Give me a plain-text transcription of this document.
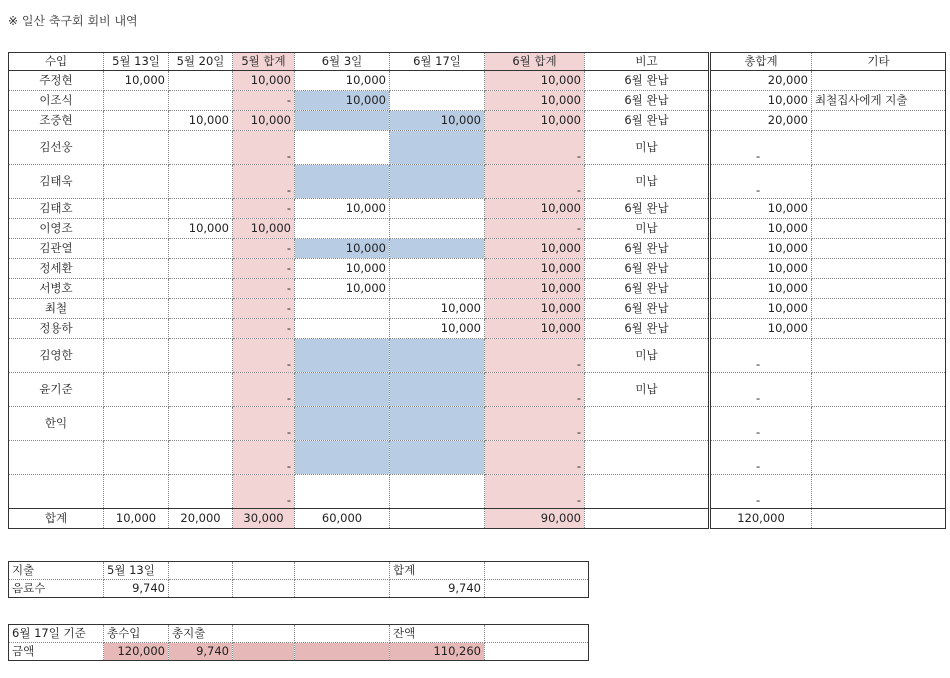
※ 일산 축구회 회비 내역
수입	5월 13일	5월 20일	5월 합계	6월 3일	6월 17일	6월 합계	비고	총합계	기타
주정현	10,000		10,000	10,000		10,000	6월 완납	20,000	
이조식			-	10,000		10,000	6월 완납	10,000	최철집사에게 지출
조중현		10,000	10,000		10,000	10,000	6월 완납	20,000	
김선웅			-			-	미납	-	
김태욱			-			-	미납	-	
김태호			-	10,000		10,000	6월 완납	10,000	
이영조		10,000	10,000			-	미납	10,000	
김관열			-	10,000		10,000	6월 완납	10,000	
정세환			-	10,000		10,000	6월 완납	10,000	
서병호			-	10,000		10,000	6월 완납	10,000	
최철			-		10,000	10,000	6월 완납	10,000	
정용하			-		10,000	10,000	6월 완납	10,000	
김영한			-			-	미납	-	
윤기준			-			-	미납	-	
한익			-			-		-	
			-			-		-	
			-			-		-	
합계	10,000	20,000	30,000	60,000		90,000		120,000	
지출	5월 13일				합계	
음료수	9,740				9,740	
6월 17일 기준	총수입	총지출			잔액	
금액	120,000	9,740			110,260	
